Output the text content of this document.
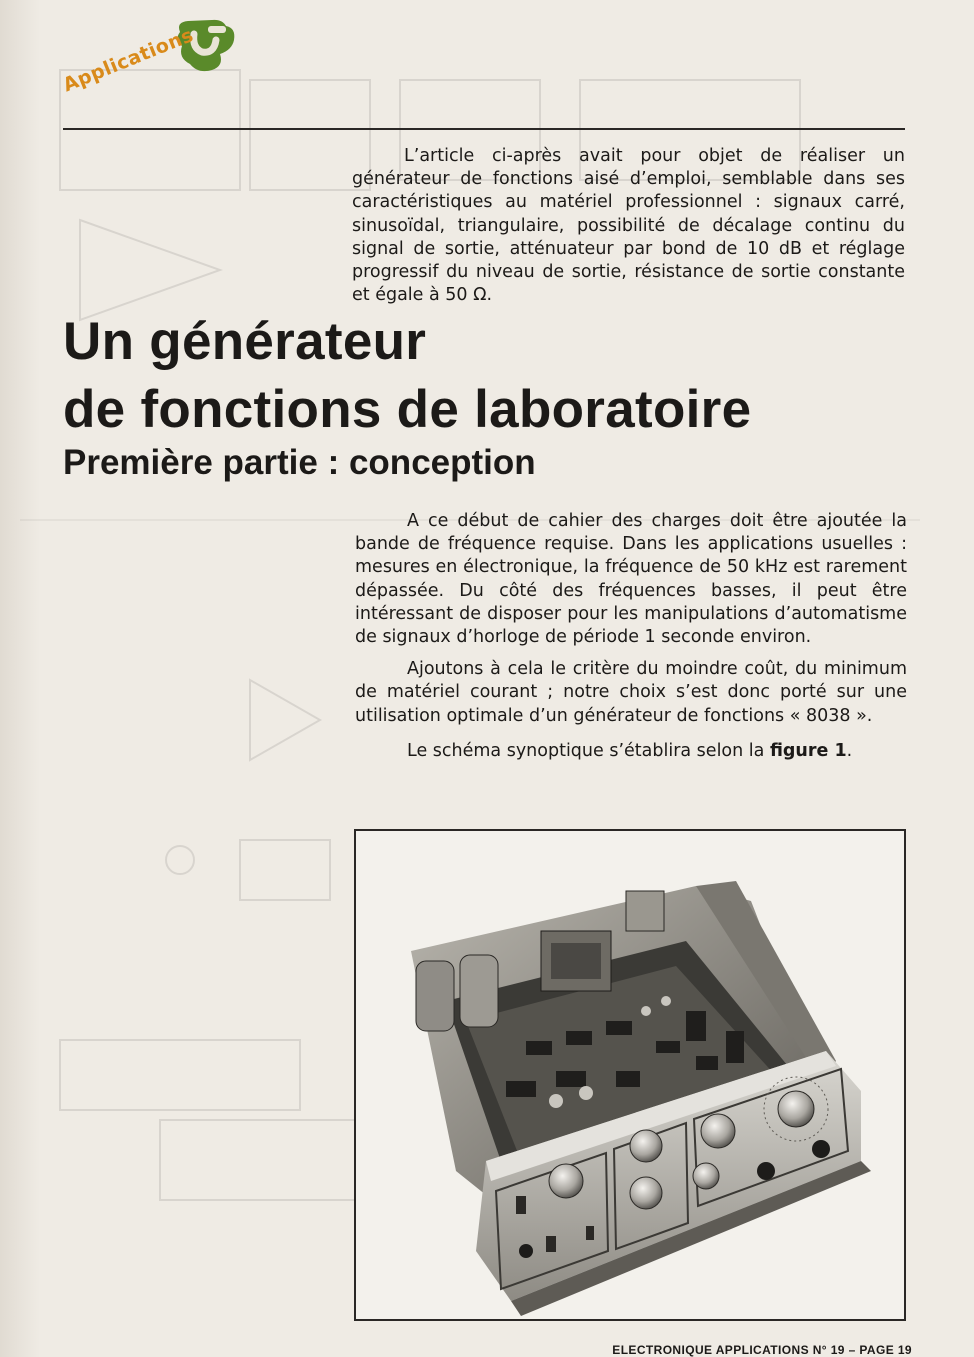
Applications

L’article ci-après avait pour objet de réaliser un générateur de fonctions aisé d’emploi, semblable dans ses caractéristiques au matériel professionnel : signaux carré, sinusoïdal, triangulaire, possibilité de décalage continu du signal de sortie, atténuateur par bond de 10 dB et réglage progressif du niveau de sortie, résistance de sortie constante et égale à 50 Ω.

Un générateur
de fonctions de laboratoire
Première partie : conception

A ce début de cahier des charges doit être ajoutée la bande de fréquence requise. Dans les applications usuelles : mesures en électronique, la fréquence de 50 kHz est rarement dépassée. Du côté des fréquences basses, il peut être intéressant de disposer pour les manipulations d’automatisme de signaux d’horloge de période 1 seconde environ.

Ajoutons à cela le critère du moindre coût, du minimum de matériel courant ; notre choix s’est donc porté sur une utilisation optimale d’un générateur de fonctions « 8038 ».

Le schéma synoptique s’établira selon la figure 1.

ELECTRONIQUE APPLICATIONS N° 19 – PAGE 19
